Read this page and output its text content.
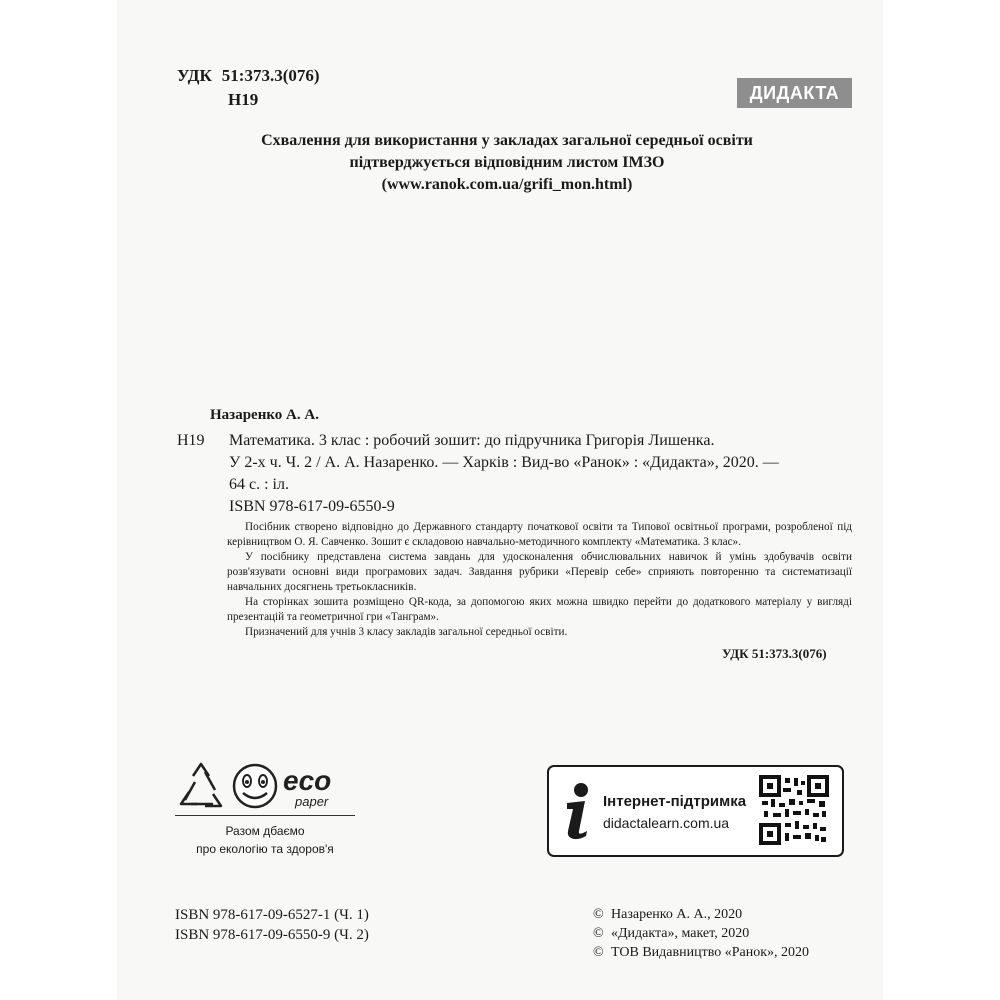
УДК 51:373.3(076)
Н19	ДИДАКТА
Схвалення для використання у закладах загальної середньої освіти
підтверджується відповідним листом ІМЗО
(www.ranok.com.ua/grifi_mon.html)
Назаренко А. А.
Н19 Математика. 3 клас : робочий зошит: до підручника Григорія Лишенка.
У 2-х ч. Ч. 2 / А. А. Назаренко. — Харків : Вид-во «Ранок» : «Дидакта», 2020. —
64 с. : іл.
ISBN 978-617-09-6550-9

Посібник створено відповідно до Державного стандарту початкової освіти та Типової освітньої програми, розробленої під керівництвом О. Я. Савченко. Зошит є складовою навчально-методичного комплекту «Математика. 3 клас».

У посібнику представлена система завдань для удосконалення обчислювальних навичок й умінь здобувачів освіти розв'язувати основні види програмових задач. Завдання рубрики «Перевір себе» сприяють повторенню та систематизації навчальних досягнень третьокласників.

На сторінках зошита розміщено QR-кода, за допомогою яких можна швидко перейти до додаткового матеріалу у вигляді презентацій та геометричної гри «Танграм».

Призначений для учнів 3 класу закладів загальної середньої освіти.

УДК 51:373.3(076)
eco
paper
Разом дбаємо
про екологію та здоров'я
Інтернет-підтримка
didactalearn.com.ua
ISBN 978-617-09-6527-1 (Ч. 1)
ISBN 978-617-09-6550-9 (Ч. 2)
© Назаренко А. А., 2020
© «Дидакта», макет, 2020
© ТОВ Видавництво «Ранок», 2020
